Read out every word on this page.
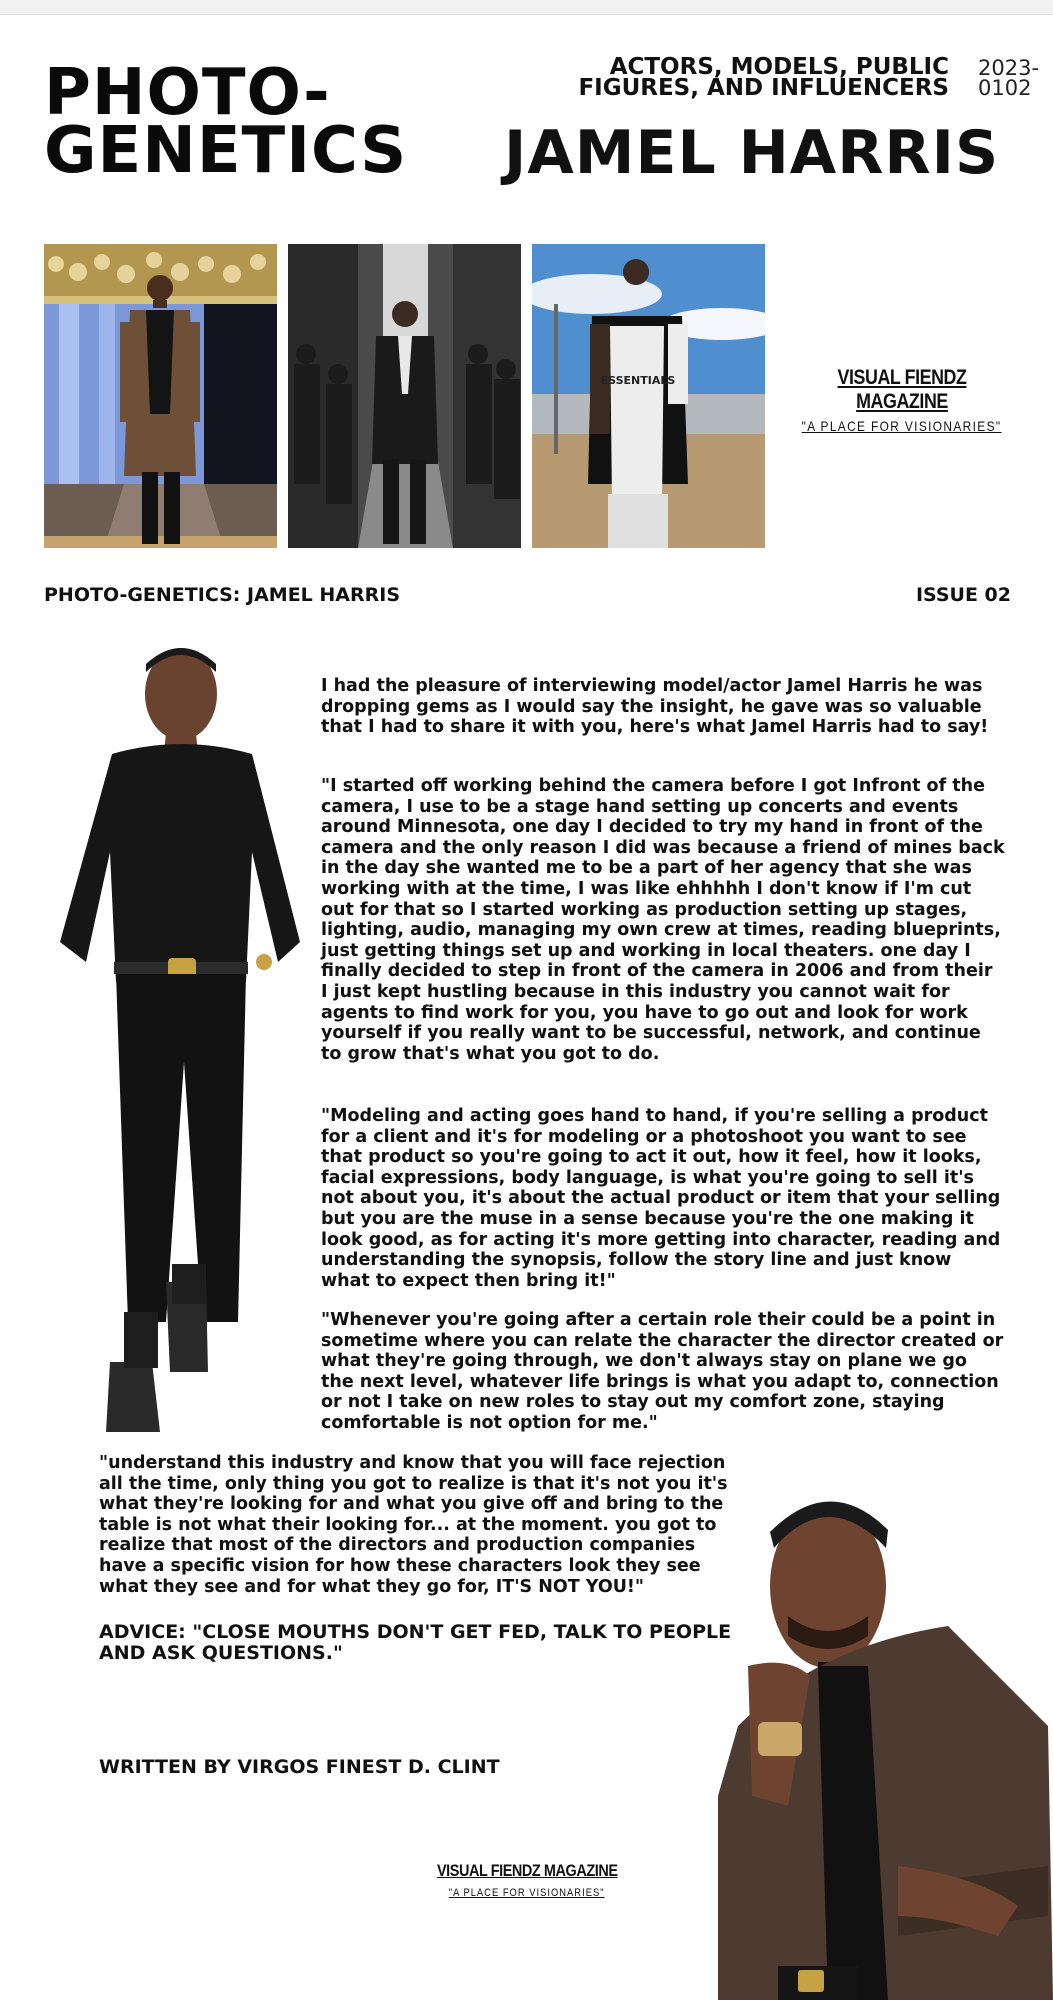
PHOTO-
GENETICS
ACTORS, MODELS, PUBLIC
FIGURES, AND INFLUENCERS
2023-
0102
JAMEL HARRIS
ESSENTIALS	VISUAL FIENDZ MAGAZINE
"A PLACE FOR VISIONARIES"
PHOTO-GENETICS: JAMEL HARRIS	ISSUE 02

I had the pleasure of interviewing model/actor Jamel Harris he was dropping gems as I would say the insight, he gave was so valuable that I had to share it with you, here's what Jamel Harris had to say!

"I started off working behind the camera before I got Infront of the camera, I use to be a stage hand setting up concerts and events around Minnesota, one day I decided to try my hand in front of the camera and the only reason I did was because a friend of mines back in the day she wanted me to be a part of her agency that she was working with at the time, I was like ehhhhh I don't know if I'm cut out for that so I started working as production setting up stages, lighting, audio, managing my own crew at times, reading blueprints, just getting things set up and working in local theaters. one day I finally decided to step in front of the camera in 2006 and from their I just kept hustling because in this industry you cannot wait for agents to find work for you, you have to go out and look for work yourself if you really want to be successful, network, and continue to grow that's what you got to do.

"Modeling and acting goes hand to hand, if you're selling a product for a client and it's for modeling or a photoshoot you want to see that product so you're going to act it out, how it feel, how it looks, facial expressions, body language, is what you're going to sell it's not about you, it's about the actual product or item that your selling but you are the muse in a sense because you're the one making it look good, as for acting it's more getting into character, reading and understanding the synopsis, follow the story line and just know what to expect then bring it!"

"Whenever you're going after a certain role their could be a point in sometime where you can relate the character the director created or what they're going through, we don't always stay on plane we go the next level, whatever life brings is what you adapt to, connection or not I take on new roles to stay out my comfort zone, staying comfortable is not option for me."

"understand this industry and know that you will face rejection all the time, only thing you got to realize is that it's not you it's what they're looking for and what you give off and bring to the table is not what their looking for... at the moment. you got to realize that most of the directors and production companies have a specific vision for how these characters look they see what they see and for what they go for, IT'S NOT YOU!"

ADVICE: "CLOSE MOUTHS DON'T GET FED, TALK TO PEOPLE AND ASK QUESTIONS."

WRITTEN BY VIRGOS FINEST D. CLINT
VISUAL FIENDZ MAGAZINE
"A PLACE FOR VISIONARIES"
